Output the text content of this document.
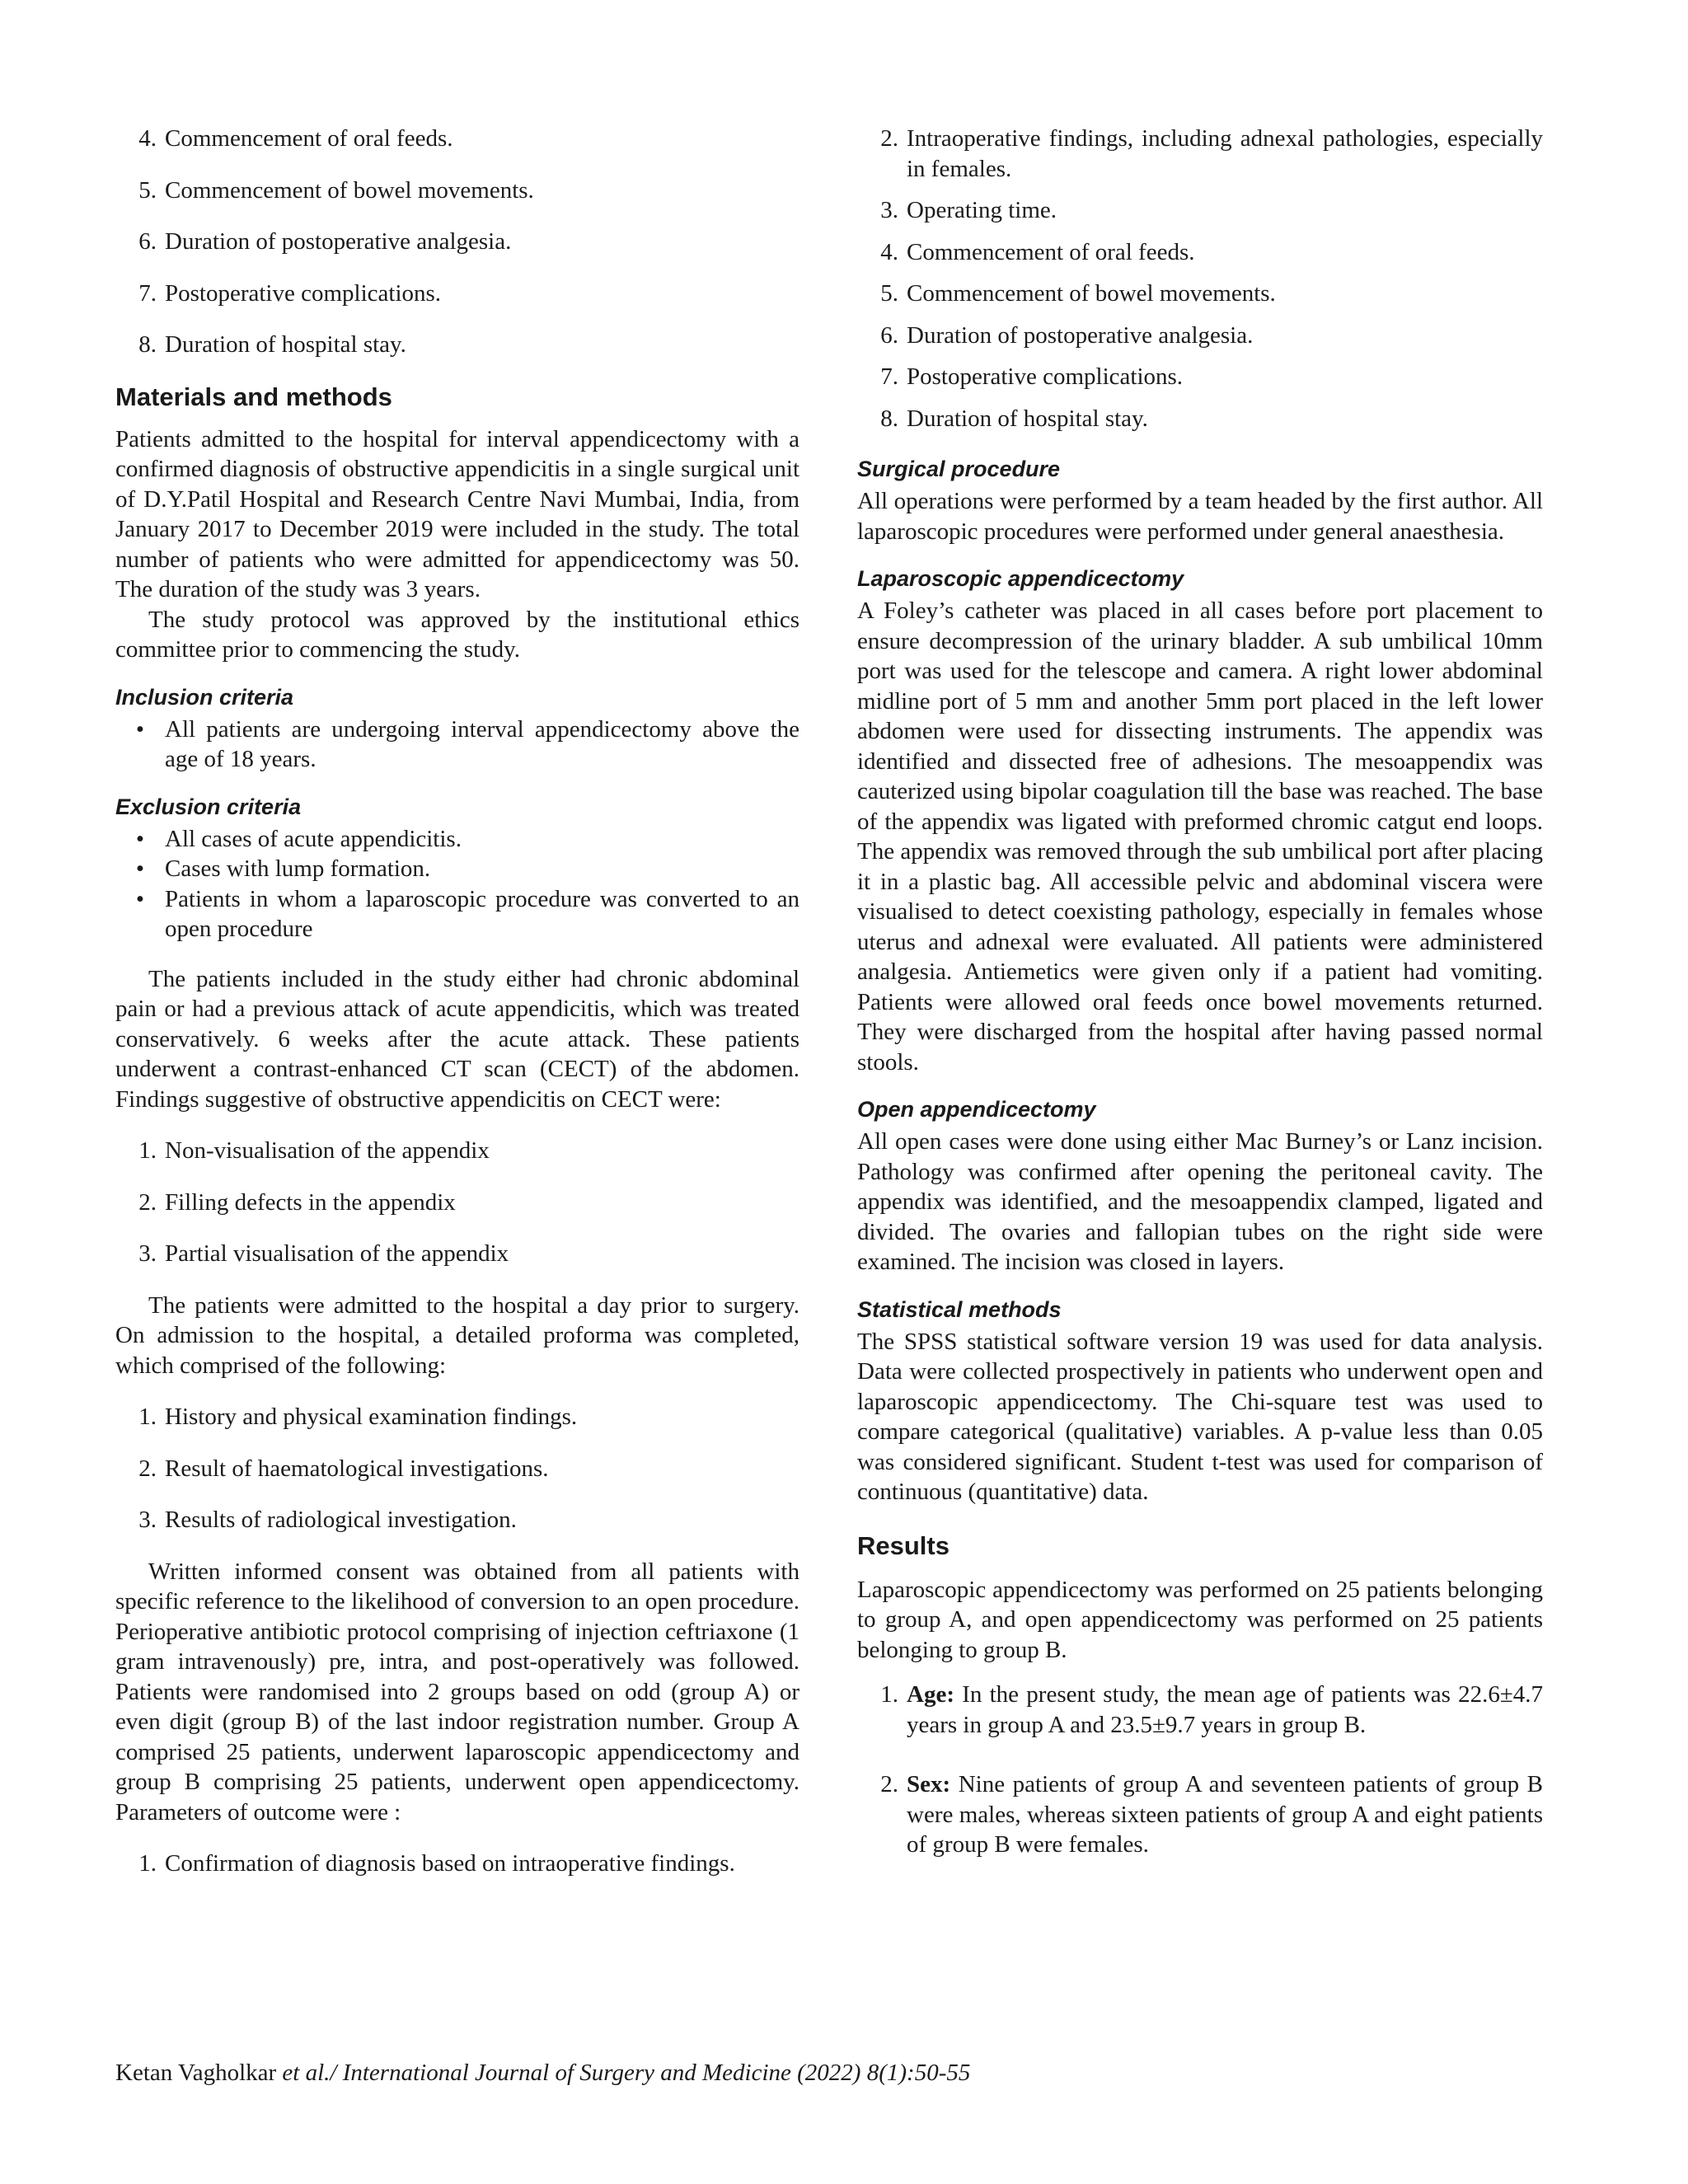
4. Commencement of oral feeds.
5. Commencement of bowel movements.
6. Duration of postoperative analgesia.
7. Postoperative complications.
8. Duration of hospital stay.
Materials and methods

Patients admitted to the hospital for interval appendicectomy with a confirmed diagnosis of obstructive appendicitis in a single surgical unit of D.Y.Patil Hospital and Research Centre Navi Mumbai, India, from January 2017 to December 2019 were included in the study. The total number of patients who were admitted for appendicectomy was 50. The duration of the study was 3 years.

The study protocol was approved by the institutional ethics committee prior to commencing the study.

Inclusion criteria
• All patients are undergoing interval appendicectomy above the age of 18 years.
Exclusion criteria
• All cases of acute appendicitis.
• Cases with lump formation.
• Patients in whom a laparoscopic procedure was converted to an open procedure

The patients included in the study either had chronic abdominal pain or had a previous attack of acute appendicitis, which was treated conservatively. 6 weeks after the acute attack. These patients underwent a contrast-enhanced CT scan (CECT) of the abdomen. Findings suggestive of obstructive appendicitis on CECT were:

1. Non-visualisation of the appendix
2. Filling defects in the appendix
3. Partial visualisation of the appendix

The patients were admitted to the hospital a day prior to surgery. On admission to the hospital, a detailed proforma was completed, which comprised of the following:

1. History and physical examination findings.
2. Result of haematological investigations.
3. Results of radiological investigation.

Written informed consent was obtained from all patients with specific reference to the likelihood of conversion to an open procedure. Perioperative antibiotic protocol comprising of injection ceftriaxone (1 gram intravenously) pre, intra, and post-operatively was followed. Patients were randomised into 2 groups based on odd (group A) or even digit (group B) of the last indoor registration number. Group A comprised 25 patients, underwent laparoscopic appendicectomy and group B comprising 25 patients, underwent open appendicectomy. Parameters of outcome were :

1. Confirmation of diagnosis based on intraoperative findings.
2. Intraoperative findings, including adnexal pathologies, especially in females.
3. Operating time.
4. Commencement of oral feeds.
5. Commencement of bowel movements.
6. Duration of postoperative analgesia.
7. Postoperative complications.
8. Duration of hospital stay.
Surgical procedure

All operations were performed by a team headed by the first author. All laparoscopic procedures were performed under general anaesthesia.

Laparoscopic appendicectomy

A Foley’s catheter was placed in all cases before port placement to ensure decompression of the urinary bladder. A sub umbilical 10mm port was used for the telescope and camera. A right lower abdominal midline port of 5 mm and another 5mm port placed in the left lower abdomen were used for dissecting instruments. The appendix was identified and dissected free of adhesions. The mesoappendix was cauterized using bipolar coagulation till the base was reached. The base of the appendix was ligated with preformed chromic catgut end loops. The appendix was removed through the sub umbilical port after placing it in a plastic bag. All accessible pelvic and abdominal viscera were visualised to detect coexisting pathology, especially in females whose uterus and adnexal were evaluated. All patients were administered analgesia. Antiemetics were given only if a patient had vomiting. Patients were allowed oral feeds once bowel movements returned. They were discharged from the hospital after having passed normal stools.

Open appendicectomy

All open cases were done using either Mac Burney’s or Lanz incision. Pathology was confirmed after opening the peritoneal cavity. The appendix was identified, and the mesoappendix clamped, ligated and divided. The ovaries and fallopian tubes on the right side were examined. The incision was closed in layers.

Statistical methods

The SPSS statistical software version 19 was used for data analysis. Data were collected prospectively in patients who underwent open and laparoscopic appendicectomy. The Chi-square test was used to compare categorical (qualitative) variables. A p-value less than 0.05 was considered significant. Student t-test was used for comparison of continuous (quantitative) data.

Results

Laparoscopic appendicectomy was performed on 25 patients belonging to group A, and open appendicectomy was performed on 25 patients belonging to group B.

1. Age: In the present study, the mean age of patients was 22.6±4.7 years in group A and 23.5±9.7 years in group B.
2. Sex: Nine patients of group A and seventeen patients of group B were males, whereas sixteen patients of group A and eight patients of group B were females.
Ketan Vagholkar et al./ International Journal of Surgery and Medicine (2022) 8(1):50-55
